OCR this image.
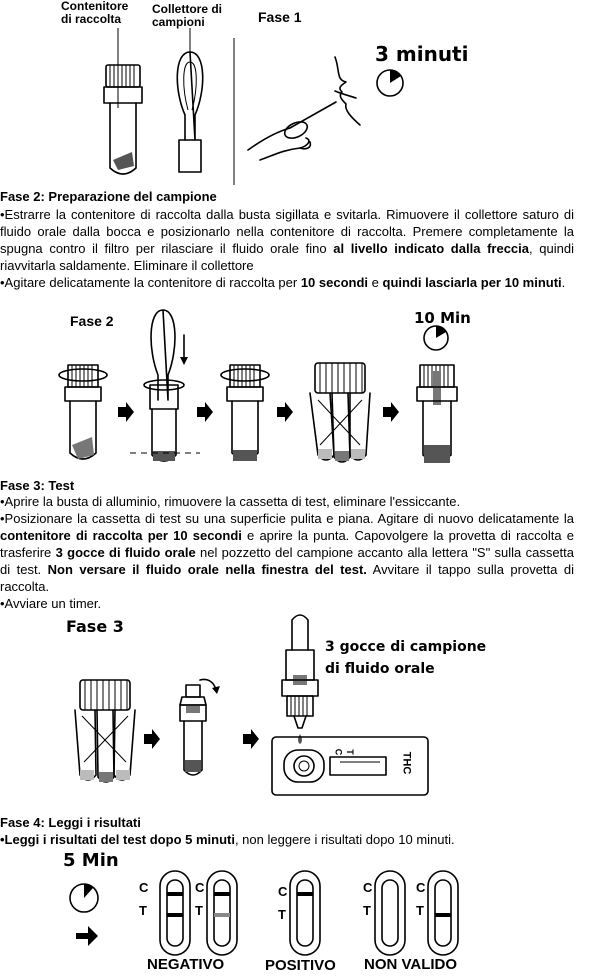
Contenitore
di raccolta
Collettore di
campioni	Fase 1
3 minuti
Fase 2: Preparazione del campione

•Estrarre la contenitore di raccolta dalla busta sigillata e svitarla. Rimuovere il collettore saturo di fluido orale dalla bocca e posizionarlo nella contenitore di raccolta. Premere completamente la spugna contro il filtro per rilasciare il fluido orale fino al livello indicato dalla freccia, quindi riavvitarla saldamente. Eliminare il collettore

•Agitare delicatamente la contenitore di raccolta per 10 secondi e quindi lasciarla per 10 minuti.

Fase 2	10 Min
Fase 3: Test

•Aprire la busta di alluminio, rimuovere la cassetta di test, eliminare l'essiccante.

•Posizionare la cassetta di test su una superficie pulita e piana. Agitare di nuovo delicatamente la contenitore di raccolta per 10 secondi e aprire la punta. Capovolgere la provetta di raccolta e trasferire 3 gocce di fluido orale nel pozzetto del campione accanto alla lettera "S" sulla cassetta di test. Non versare il fluido orale nella finestra del test. Avvitare il tappo sulla provetta di raccolta.

•Avviare un timer.

Fase 3
3 gocce di campione
di fluido orale
C T	THC
Fase 4: Leggi i risultati
•Leggi i risultati del test dopo 5 minuti, non leggere i risultati dopo 10 minuti.
5 Min
C
T
C
T
C
T
C
T
C
T
NEGATIVO	POSITIVO NON VALIDO
